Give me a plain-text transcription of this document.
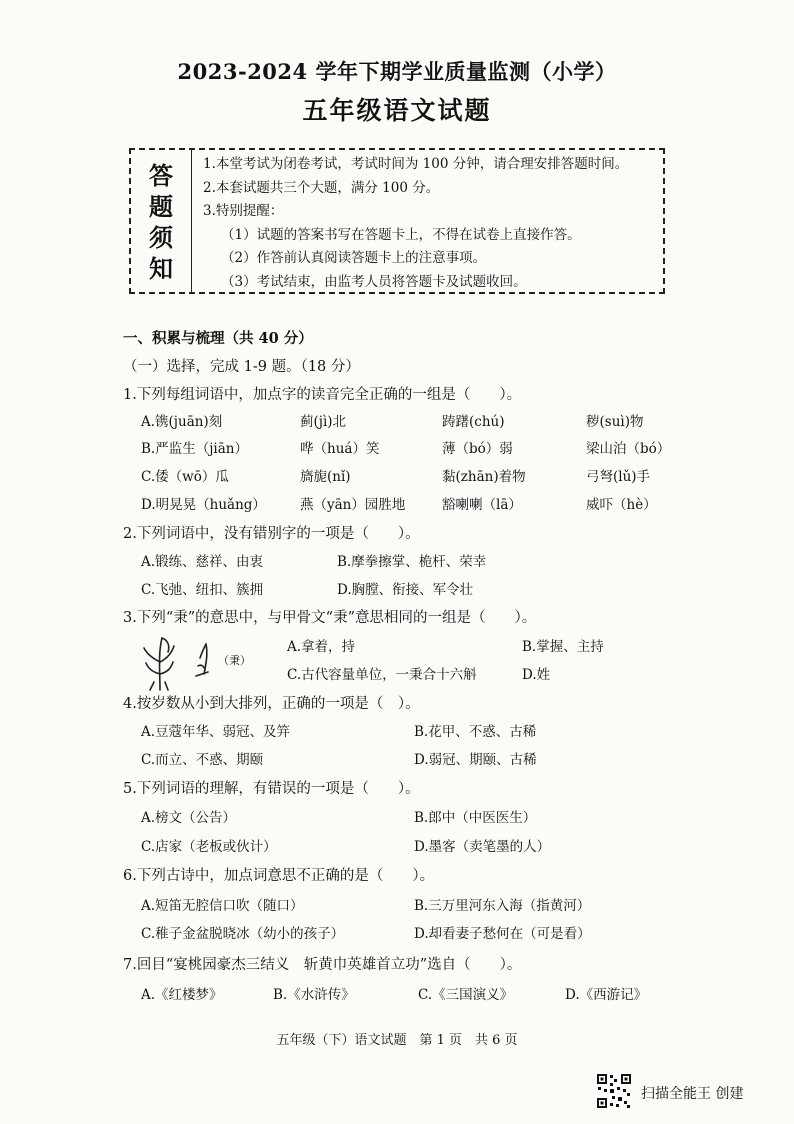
2023-2024 学年下期学业质量监测（小学）
五年级语文试题
答
题
须
知
1.本堂考试为闭卷考试，考试时间为 100 分钟，请合理安排答题时间。
2.本套试题共三个大题，满分 100 分。
3.特别提醒：
（1）试题的答案书写在答题卡上，不得在试卷上直接作答。
（2）作答前认真阅读答题卡上的注意事项。
（3）考试结束，由监考人员将答题卡及试题收回。
一、积累与梳理（共 40 分）
（一）选择，完成 1-9 题。（18 分）
1.下列每组词语中，加点字的读音完全正确的一组是（　　）。
A.镌(juān)刻	蓟(jì)北	踌躇(chú)	秽(suì)物
B.严监生（jiān）	哗（huá）笑	薄（bó）弱	梁山泊（bó）
C.倭（wō）瓜	旖旎(nǐ)	黏(zhān)着物	弓弩(lǔ)手
D.明晃晃（huǎng）	燕（yān）园胜地	豁喇喇（lā）	威吓（hè）
2.下列词语中，没有错别字的一项是（　　）。
A.锻练、慈祥、由衷	B.摩拳擦掌、桅杆、荣幸
C.飞弛、纽扣、簇拥	D.胸膛、衔接、军令壮
3.下列“秉”的意思中，与甲骨文“秉”意思相同的一组是（　　）。
（秉）
A.拿着，持	B.掌握、主持
C.古代容量单位，一秉合十六斛	D.姓
4.按岁数从小到大排列，正确的一项是（　）。
A.豆蔻年华、弱冠、及笄	B.花甲、不惑、古稀
C.而立、不惑、期颐	D.弱冠、期颐、古稀
5.下列词语的理解，有错误的一项是（　　）。
A.榜文（公告）	B.郎中（中医医生）
C.店家（老板或伙计）	D.墨客（卖笔墨的人）
6.下列古诗中，加点词意思不正确的是（　　）。
A.短笛无腔信口吹（随口）	B.三万里河东入海（指黄河）
C.稚子金盆脱晓冰（幼小的孩子）	D.却看妻子愁何在（可是看）
7.回目“宴桃园豪杰三结义　斩黄巾英雄首立功”选自（　　）。
A.《红楼梦》	B.《水浒传》	C.《三国演义》	D.《西游记》
五年级（下）语文试题　第 1 页　共 6 页
扫描全能王 创建
